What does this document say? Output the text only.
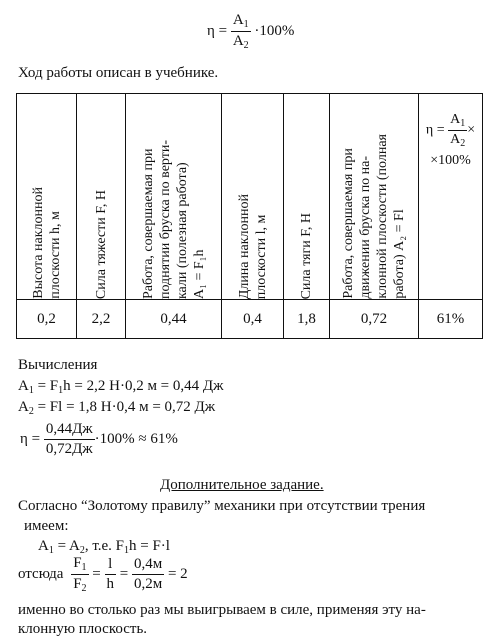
$\eta = \frac{A_1}{A_2} \cdot 100\%$
Ход работы описан в учебнике.
Высота наклонной
плоскости h, м	Сила тяжести F, Н	Работа, совершаемая при
поднятии бруска по верти-
кали (полезная работа)
A₁ = F₁h	Длина наклонной
плоскости l, м	Сила тяги F, Н	Работа, совершаемая при
движении бруска по на-
клонной плоскости (полная
работа) A₂ = Fl	$\eta = \frac{A_1}{A_2}$ ×
×100%

0,2	2,2	0,44	0,4	1,8	0,72	61%
Вычисления
$A_1 = F_1h = 2,2$ Н·0,2 м = 0,44 Дж
$A_2 = Fl = 1,8$ Н·0,4 м = 0,72 Дж
$\eta = \frac{0,44Дж}{0,72Дж} \cdot 100\% \approx 61\%$
Дополнительное задание.
Согласно “Золотому правилу” механики при отсутствии трения
имеем:
$A_1 = A_2$, т.е. $F_1h = F\cdot l$
отсюда $\frac{F_1}{F_2} = \frac{l}{h} = \frac{0,4м}{0,2м} = 2$
именно во столько раз мы выигрываем в силе, применяя эту на-
клонную плоскость.
